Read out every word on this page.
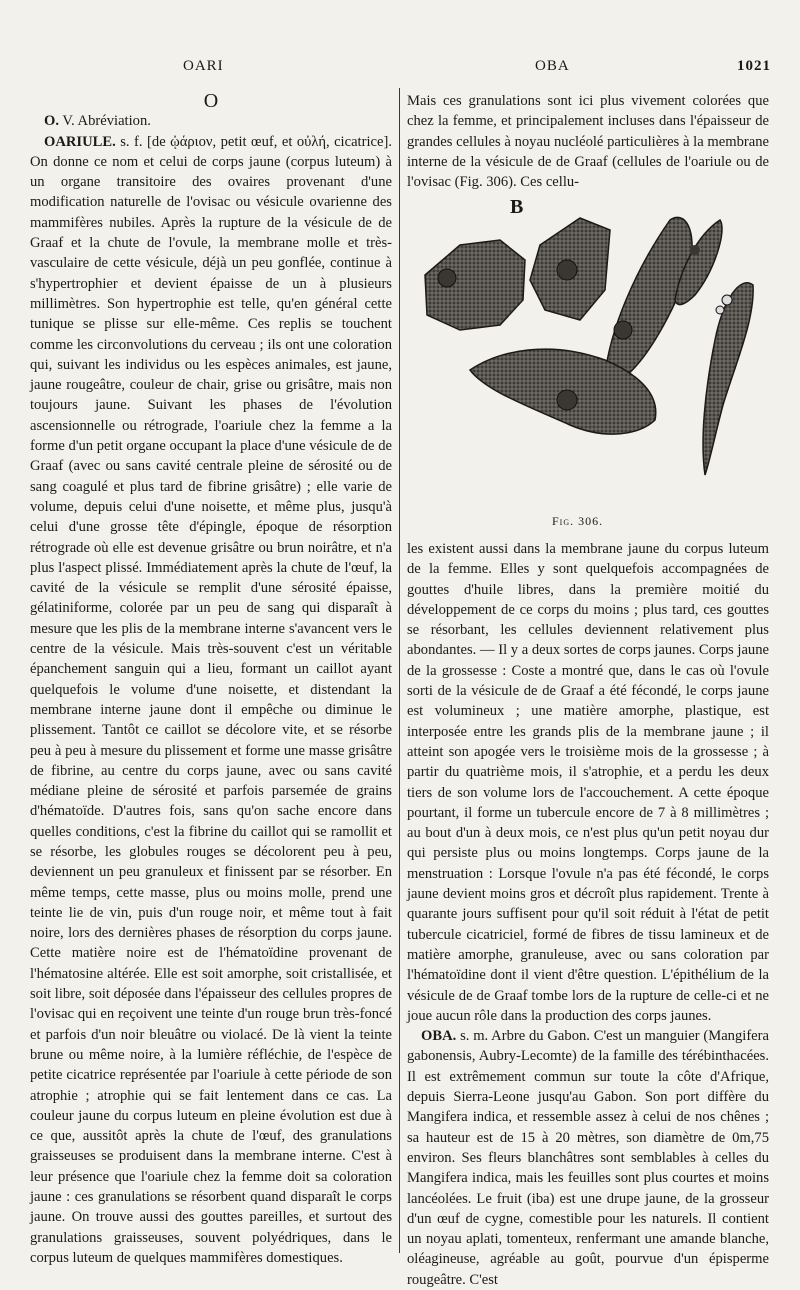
OARI	OBA	1021

O

O. V. Abréviation.

OARIULE. s. f. [de ᾠάριον, petit œuf, et οὐλή, cicatrice]. On donne ce nom et celui de corps jaune (corpus luteum) à un organe transitoire des ovaires provenant d'une modification naturelle de l'ovisac ou vésicule ovarienne des mammifères nubiles. Après la rupture de la vésicule de de Graaf et la chute de l'ovule, la membrane molle et très-vasculaire de cette vésicule, déjà un peu gonflée, continue à s'hypertrophier et devient épaisse de un à plusieurs millimètres. Son hypertrophie est telle, qu'en général cette tunique se plisse sur elle-même. Ces replis se touchent comme les circonvolutions du cerveau ; ils ont une coloration qui, suivant les individus ou les espèces animales, est jaune, jaune rougeâtre, couleur de chair, grise ou grisâtre, mais non toujours jaune. Suivant les phases de l'évolution ascensionnelle ou rétrograde, l'oariule chez la femme a la forme d'un petit organe occupant la place d'une vésicule de de Graaf (avec ou sans cavité centrale pleine de sérosité ou de sang coagulé et plus tard de fibrine grisâtre) ; elle varie de volume, depuis celui d'une noisette, et même plus, jusqu'à celui d'une grosse tête d'épingle, époque de résorption rétrograde où elle est devenue grisâtre ou brun noirâtre, et n'a plus l'aspect plissé. Immédiatement après la chute de l'œuf, la cavité de la vésicule se remplit d'une sérosité épaisse, gélatiniforme, colorée par un peu de sang qui disparaît à mesure que les plis de la membrane interne s'avancent vers le centre de la vésicule. Mais très-souvent c'est un véritable épanchement sanguin qui a lieu, formant un caillot ayant quelquefois le volume d'une noisette, et distendant la membrane interne jaune dont il empêche ou diminue le plissement. Tantôt ce caillot se décolore vite, et se résorbe peu à peu à mesure du plissement et forme une masse grisâtre de fibrine, au centre du corps jaune, avec ou sans cavité médiane pleine de sérosité et parfois parsemée de grains d'hématoïde. D'autres fois, sans qu'on sache encore dans quelles conditions, c'est la fibrine du caillot qui se ramollit et se résorbe, les globules rouges se décolorent peu à peu, deviennent un peu granuleux et finissent par se résorber. En même temps, cette masse, plus ou moins molle, prend une teinte lie de vin, puis d'un rouge noir, et même tout à fait noire, lors des dernières phases de résorption du corps jaune. Cette matière noire est de l'hématoïdine provenant de l'hématosine altérée. Elle est soit amorphe, soit cristallisée, et soit libre, soit déposée dans l'épaisseur des cellules propres de l'ovisac qui en reçoivent une teinte d'un rouge brun très-foncé et parfois d'un noir bleuâtre ou violacé. De là vient la teinte brune ou même noire, à la lumière réfléchie, de l'espèce de petite cicatrice représentée par l'oariule à cette période de son atrophie ; atrophie qui se fait lentement dans ce cas. La couleur jaune du corpus luteum en pleine évolution est due à ce que, aussitôt après la chute de l'œuf, des granulations graisseuses se produisent dans la membrane interne. C'est à leur présence que l'oariule chez la femme doit sa coloration jaune : ces granulations se résorbent quand disparaît le corps jaune. On trouve aussi des gouttes pareilles, et surtout des granulations graisseuses, souvent polyédriques, dans le corpus luteum de quelques mammifères domestiques.

Mais ces granulations sont ici plus vivement colorées que chez la femme, et principalement incluses dans l'épaisseur de grandes cellules à noyau nucléolé particulières à la membrane interne de la vésicule de de Graaf (cellules de l'oariule ou de l'ovisac (Fig. 306). Ces cellu-

B
Fig. 306.

les existent aussi dans la membrane jaune du corpus luteum de la femme. Elles y sont quelquefois accompagnées de gouttes d'huile libres, dans la première moitié du développement de ce corps du moins ; plus tard, ces gouttes se résorbant, les cellules deviennent relativement plus abondantes. — Il y a deux sortes de corps jaunes. Corps jaune de la grossesse : Coste a montré que, dans le cas où l'ovule sorti de la vésicule de de Graaf a été fécondé, le corps jaune est volumineux ; une matière amorphe, plastique, est interposée entre les grands plis de la membrane jaune ; il atteint son apogée vers le troisième mois de la grossesse ; à partir du quatrième mois, il s'atrophie, et a perdu les deux tiers de son volume lors de l'accouchement. A cette époque pourtant, il forme un tubercule encore de 7 à 8 millimètres ; au bout d'un à deux mois, ce n'est plus qu'un petit noyau dur qui persiste plus ou moins longtemps. Corps jaune de la menstruation : Lorsque l'ovule n'a pas été fécondé, le corps jaune devient moins gros et décroît plus rapidement. Trente à quarante jours suffisent pour qu'il soit réduit à l'état de petit tubercule cicatriciel, formé de fibres de tissu lamineux et de matière amorphe, granuleuse, avec ou sans coloration par l'hématoïdine dont il vient d'être question. L'épithélium de la vésicule de de Graaf tombe lors de la rupture de celle-ci et ne joue aucun rôle dans la production des corps jaunes.

OBA. s. m. Arbre du Gabon. C'est un manguier (Mangifera gabonensis, Aubry-Lecomte) de la famille des térébinthacées. Il est extrêmement commun sur toute la côte d'Afrique, depuis Sierra-Leone jusqu'au Gabon. Son port diffère du Mangifera indica, et ressemble assez à celui de nos chênes ; sa hauteur est de 15 à 20 mètres, son diamètre de 0m,75 environ. Ses fleurs blanchâtres sont semblables à celles du Mangifera indica, mais les feuilles sont plus courtes et moins lancéolées. Le fruit (iba) est une drupe jaune, de la grosseur d'un œuf de cygne, comestible pour les naturels. Il contient un noyau aplati, tomenteux, renfermant une amande blanche, oléagineuse, agréable au goût, pourvue d'un épisperme rougeâtre. C'est
